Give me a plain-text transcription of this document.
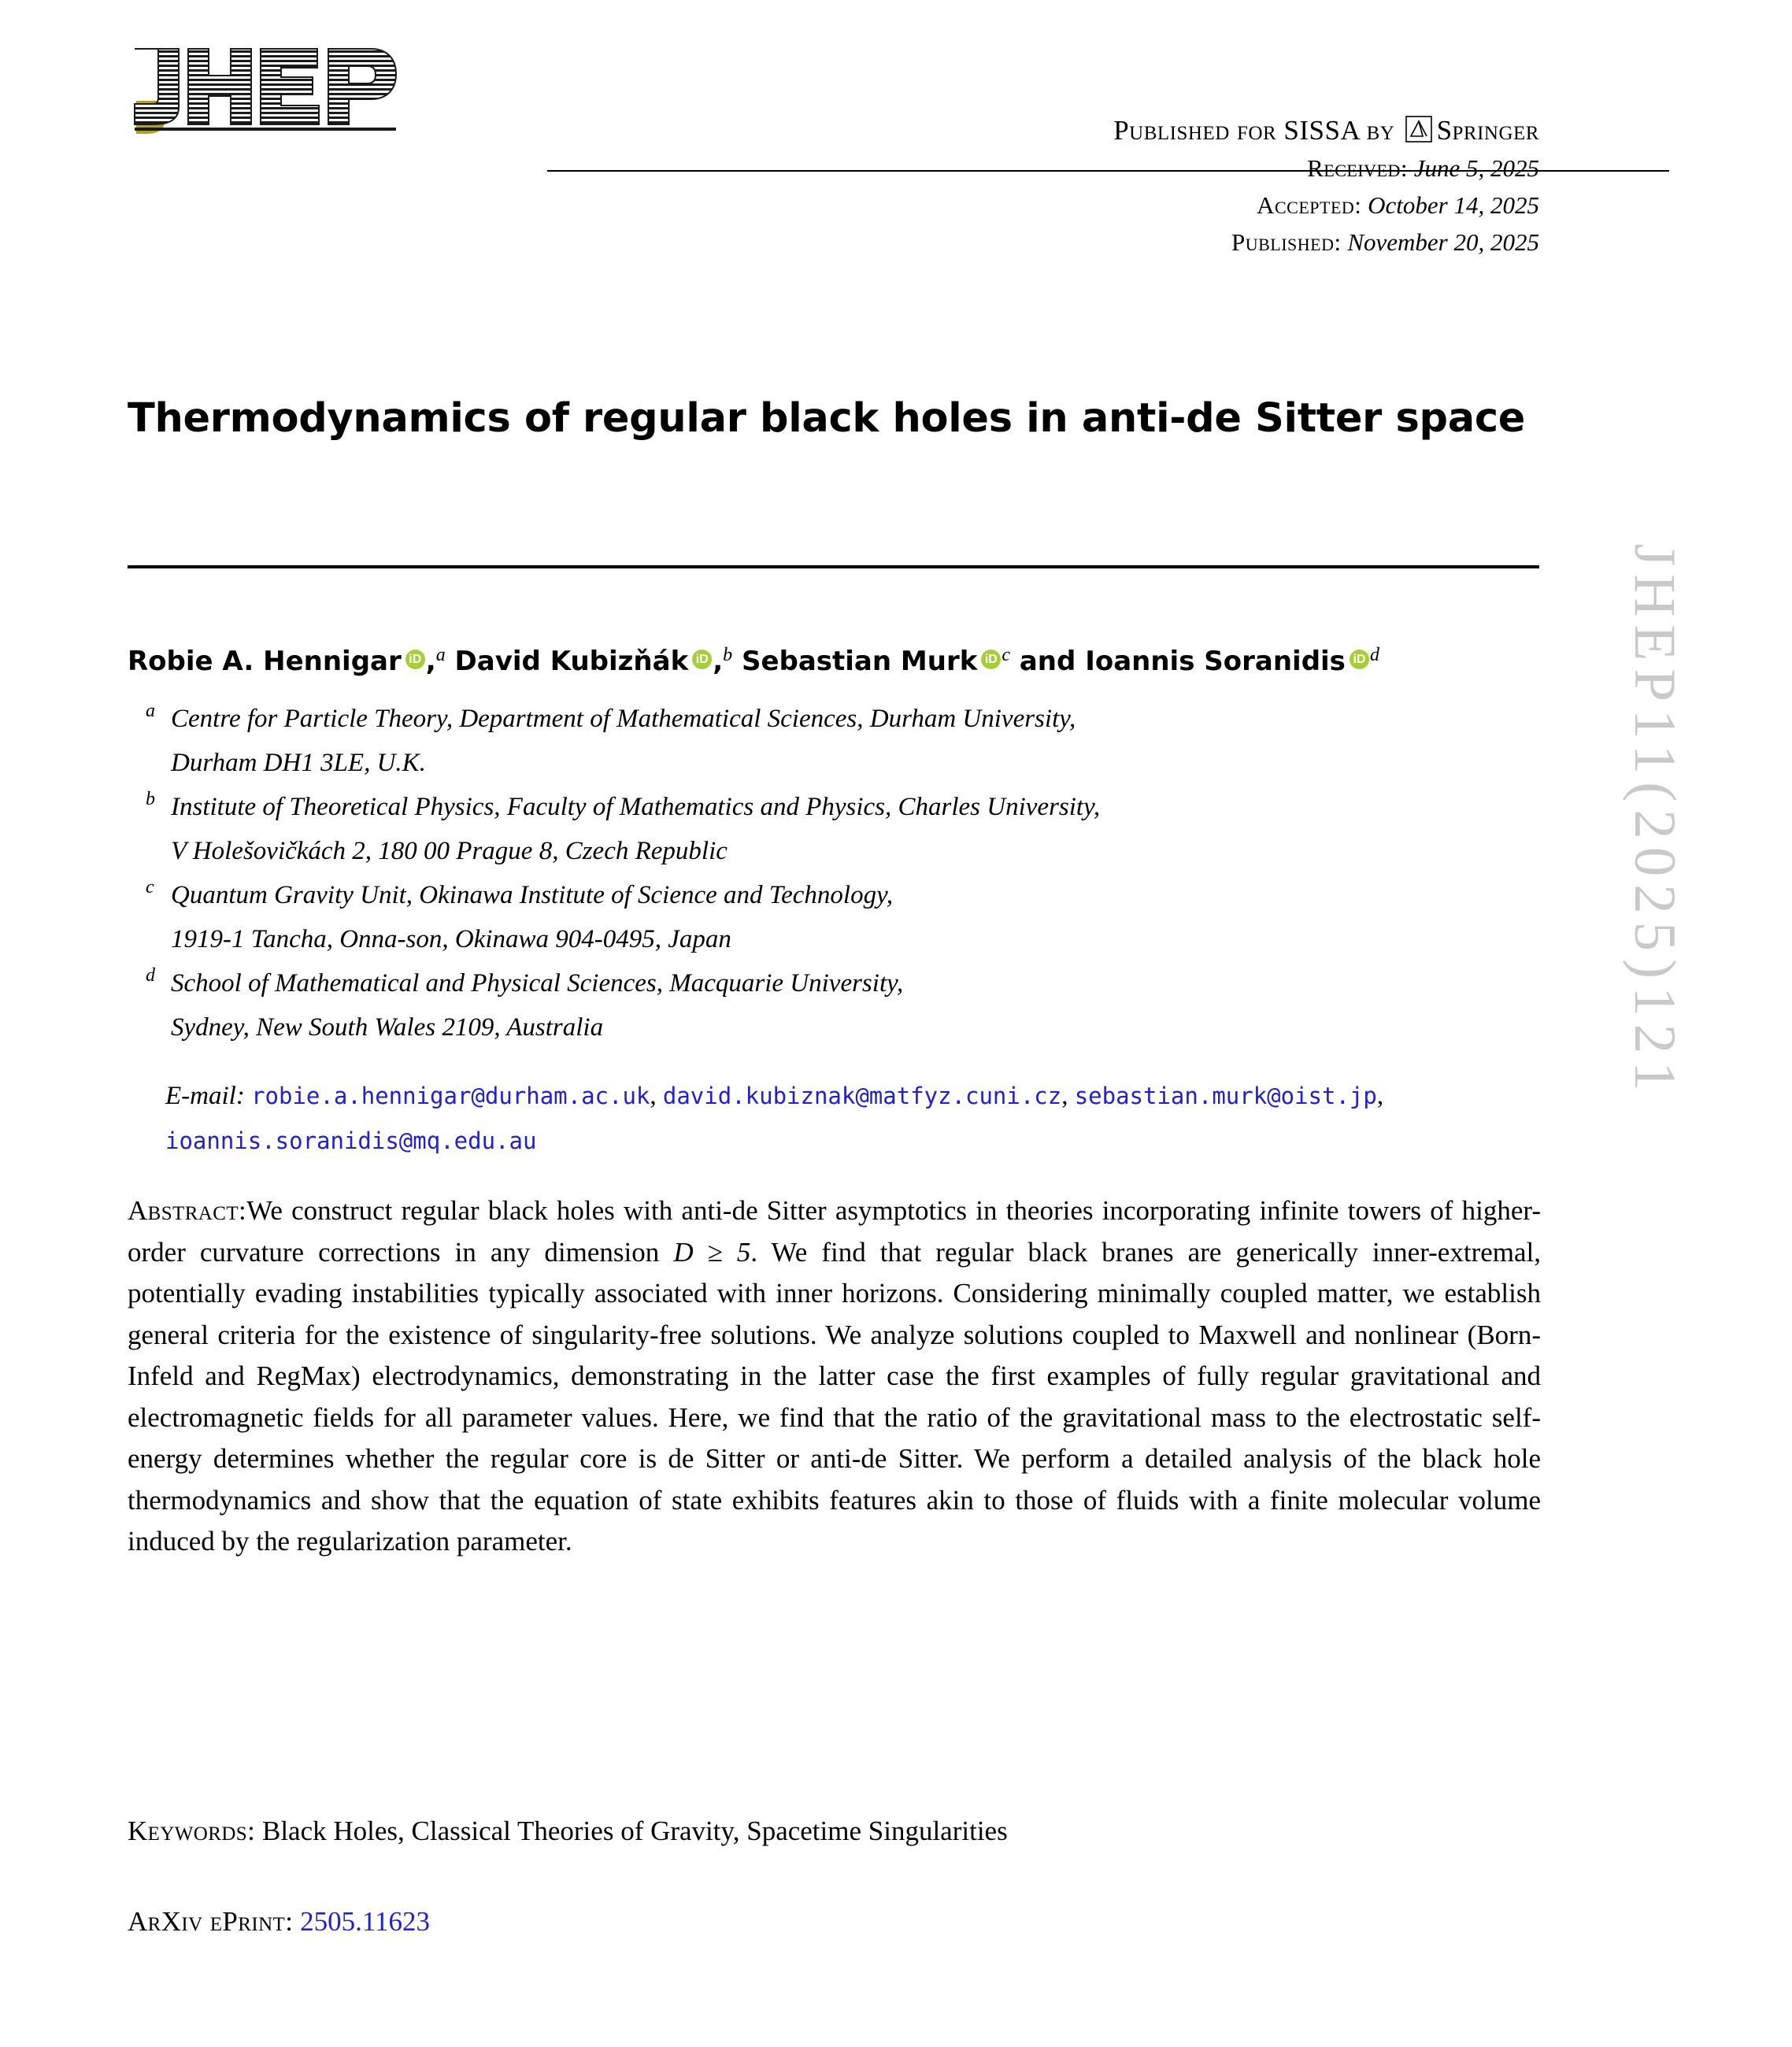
Published for SISSA by Springer
Received: June 5, 2025
Accepted: October 14, 2025
Published: November 20, 2025
Thermodynamics of regular black holes in anti-de Sitter space
Robie A. Hennigar iD ,$^a$ David Kubizňák iD ,$^b$ Sebastian Murk iD $^c$ and Ioannis Soranidis iD $^d$
a Centre for Particle Theory, Department of Mathematical Sciences, Durham University,
Durham DH1 3LE, U.K.
b Institute of Theoretical Physics, Faculty of Mathematics and Physics, Charles University,
V Holešovičkách 2, 180 00 Prague 8, Czech Republic
c Quantum Gravity Unit, Okinawa Institute of Science and Technology,
1919-1 Tancha, Onna-son, Okinawa 904-0495, Japan
d School of Mathematical and Physical Sciences, Macquarie University,
Sydney, New South Wales 2109, Australia
E-mail: robie.a.hennigar@durham.ac.uk, david.kubiznak@matfyz.cuni.cz, sebastian.murk@oist.jp, ioannis.soranidis@mq.edu.au
Abstract:We construct regular black holes with anti-de Sitter asymptotics in theories incorporating infinite towers of higher-order curvature corrections in any dimension D ≥ 5. We find that regular black branes are generically inner-extremal, potentially evading instabilities typically associated with inner horizons. Considering minimally coupled matter, we establish general criteria for the existence of singularity-free solutions. We analyze solutions coupled to Maxwell and nonlinear (Born-Infeld and RegMax) electrodynamics, demonstrating in the latter case the first examples of fully regular gravitational and electromagnetic fields for all parameter values. Here, we find that the ratio of the gravitational mass to the electrostatic self-energy determines whether the regular core is de Sitter or anti-de Sitter. We perform a detailed analysis of the black hole thermodynamics and show that the equation of state exhibits features akin to those of fluids with a finite molecular volume induced by the regularization parameter.
Keywords: Black Holes, Classical Theories of Gravity, Spacetime Singularities
ArXiv ePrint: 2505.11623
JHEP11(2025)121
